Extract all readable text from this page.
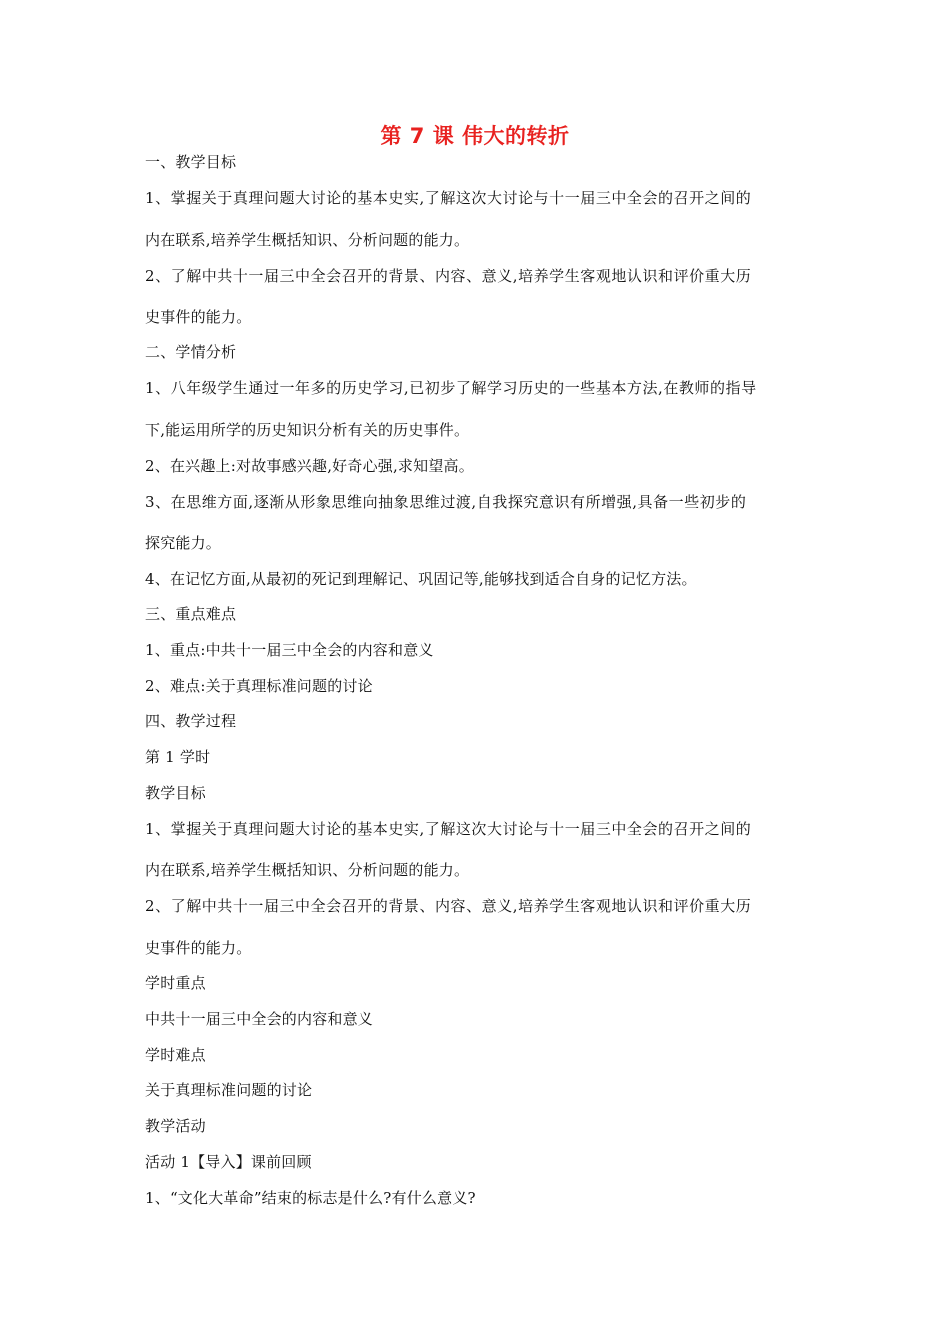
第 7 课 伟大的转折
一、教学目标
1、掌握关于真理问题大讨论的基本史实,了解这次大讨论与十一届三中全会的召开之间的
内在联系,培养学生概括知识、分析问题的能力。
2、了解中共十一届三中全会召开的背景、内容、意义,培养学生客观地认识和评价重大历
史事件的能力。
二、学情分析
1、八年级学生通过一年多的历史学习,已初步了解学习历史的一些基本方法,在教师的指导
下,能运用所学的历史知识分析有关的历史事件。
2、在兴趣上:对故事感兴趣,好奇心强,求知望高。
3、在思维方面,逐渐从形象思维向抽象思维过渡,自我探究意识有所增强,具备一些初步的
探究能力。
4、在记忆方面,从最初的死记到理解记、巩固记等,能够找到适合自身的记忆方法。
三、重点难点
1、重点:中共十一届三中全会的内容和意义
2、难点:关于真理标准问题的讨论
四、教学过程
第 1 学时
教学目标
1、掌握关于真理问题大讨论的基本史实,了解这次大讨论与十一届三中全会的召开之间的
内在联系,培养学生概括知识、分析问题的能力。
2、了解中共十一届三中全会召开的背景、内容、意义,培养学生客观地认识和评价重大历
史事件的能力。
学时重点
中共十一届三中全会的内容和意义
学时难点
关于真理标准问题的讨论
教学活动
活动 1【导入】课前回顾
1、“文化大革命”结束的标志是什么?有什么意义?
